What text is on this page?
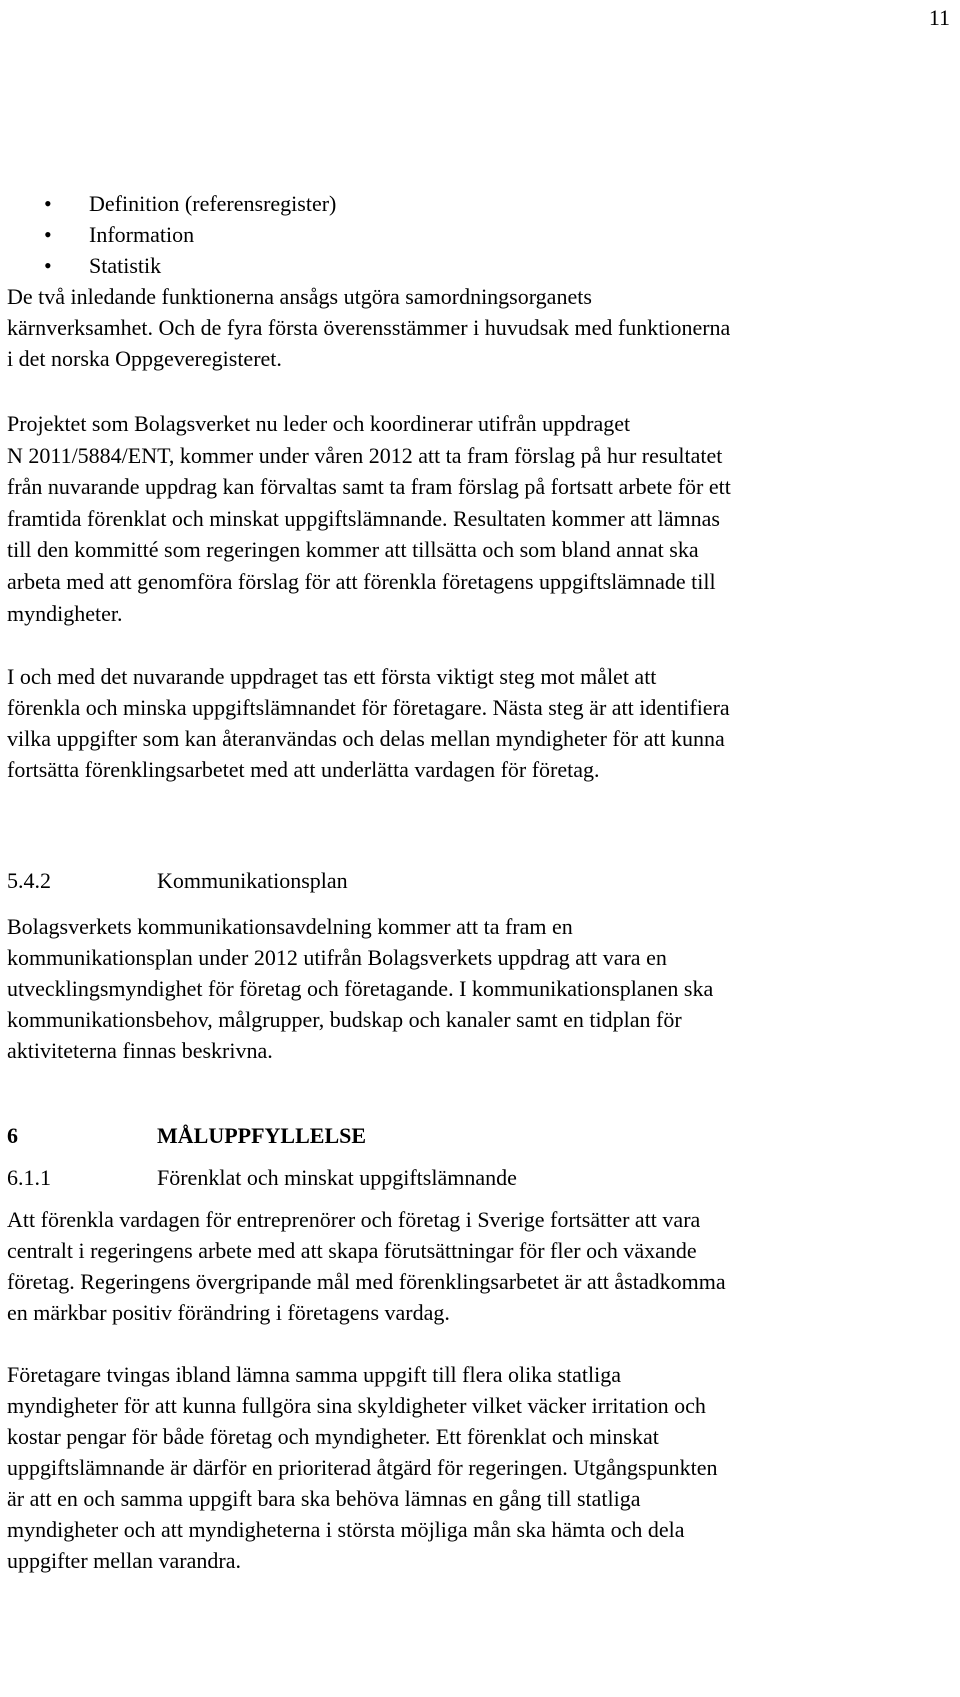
11
• Definition (referensregister)
• Information
• Statistik

De två inledande funktionerna ansågs utgöra samordningsorganets
kärnverksamhet. Och de fyra första överensstämmer i huvudsak med funktionerna
i det norska Oppgeveregisteret.

Projektet som Bolagsverket nu leder och koordinerar utifrån uppdraget
N 2011/5884/ENT, kommer under våren 2012 att ta fram förslag på hur resultatet
från nuvarande uppdrag kan förvaltas samt ta fram förslag på fortsatt arbete för ett
framtida förenklat och minskat uppgiftslämnande. Resultaten kommer att lämnas
till den kommitté som regeringen kommer att tillsätta och som bland annat ska
arbeta med att genomföra förslag för att förenkla företagens uppgiftslämnade till
myndigheter.

I och med det nuvarande uppdraget tas ett första viktigt steg mot målet att
förenkla och minska uppgiftslämnandet för företagare. Nästa steg är att identifiera
vilka uppgifter som kan återanvändas och delas mellan myndigheter för att kunna
fortsätta förenklingsarbetet med att underlätta vardagen för företag.

5.4.2	Kommunikationsplan

Bolagsverkets kommunikationsavdelning kommer att ta fram en
kommunikationsplan under 2012 utifrån Bolagsverkets uppdrag att vara en
utvecklingsmyndighet för företag och företagande. I kommunikationsplanen ska
kommunikationsbehov, målgrupper, budskap och kanaler samt en tidplan för
aktiviteterna finnas beskrivna.

6	MÅLUPPFYLLELSE
6.1.1	Förenklat och minskat uppgiftslämnande

Att förenkla vardagen för entreprenörer och företag i Sverige fortsätter att vara
centralt i regeringens arbete med att skapa förutsättningar för fler och växande
företag. Regeringens övergripande mål med förenklingsarbetet är att åstadkomma
en märkbar positiv förändring i företagens vardag.

Företagare tvingas ibland lämna samma uppgift till flera olika statliga
myndigheter för att kunna fullgöra sina skyldigheter vilket väcker irritation och
kostar pengar för både företag och myndigheter. Ett förenklat och minskat
uppgiftslämnande är därför en prioriterad åtgärd för regeringen. Utgångspunkten
är att en och samma uppgift bara ska behöva lämnas en gång till statliga
myndigheter och att myndigheterna i största möjliga mån ska hämta och dela
uppgifter mellan varandra.
